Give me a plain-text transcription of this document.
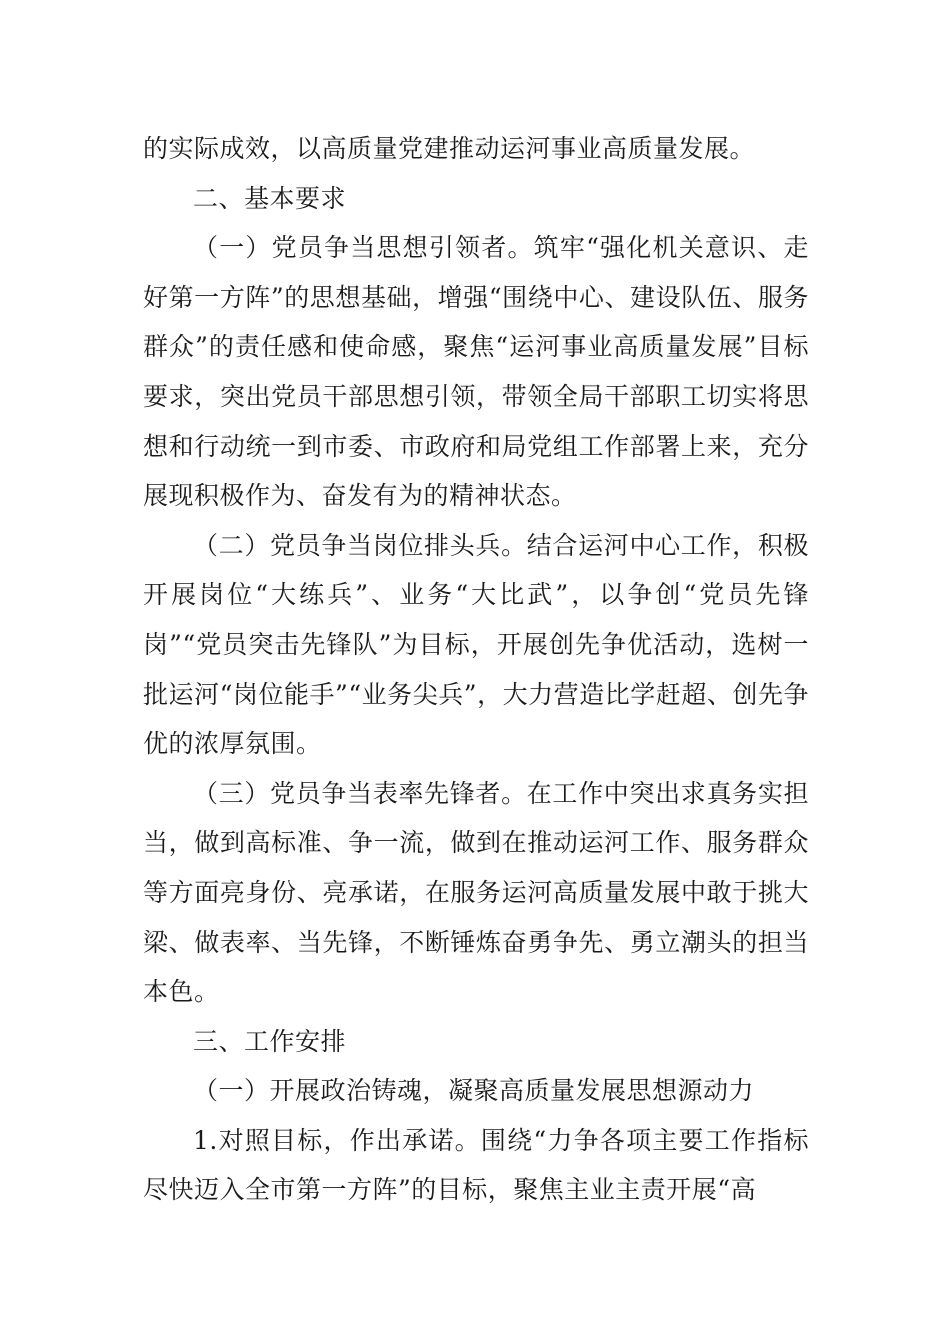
的实际成效，以高质量党建推动运河事业高质量发展。

二、基本要求

（一）党员争当思想引领者。筑牢“强化机关意识、走好第一方阵”的思想基础，增强“围绕中心、建设队伍、服务群众”的责任感和使命感，聚焦“运河事业高质量发展”目标要求，突出党员干部思想引领，带领全局干部职工切实将思想和行动统一到市委、市政府和局党组工作部署上来，充分展现积极作为、奋发有为的精神状态。

（二）党员争当岗位排头兵。结合运河中心工作，积极开展岗位“大练兵”、业务“大比武”，以争创“党员先锋岗”“党员突击先锋队”为目标，开展创先争优活动，选树一批运河“岗位能手”“业务尖兵”，大力营造比学赶超、创先争优的浓厚氛围。

（三）党员争当表率先锋者。在工作中突出求真务实担当，做到高标准、争一流，做到在推动运河工作、服务群众等方面亮身份、亮承诺，在服务运河高质量发展中敢于挑大梁、做表率、当先锋，不断锤炼奋勇争先、勇立潮头的担当本色。

三、工作安排

（一）开展政治铸魂，凝聚高质量发展思想源动力

1.对照目标，作出承诺。围绕“力争各项主要工作指标尽快迈入全市第一方阵”的目标，聚焦主业主责开展“高
